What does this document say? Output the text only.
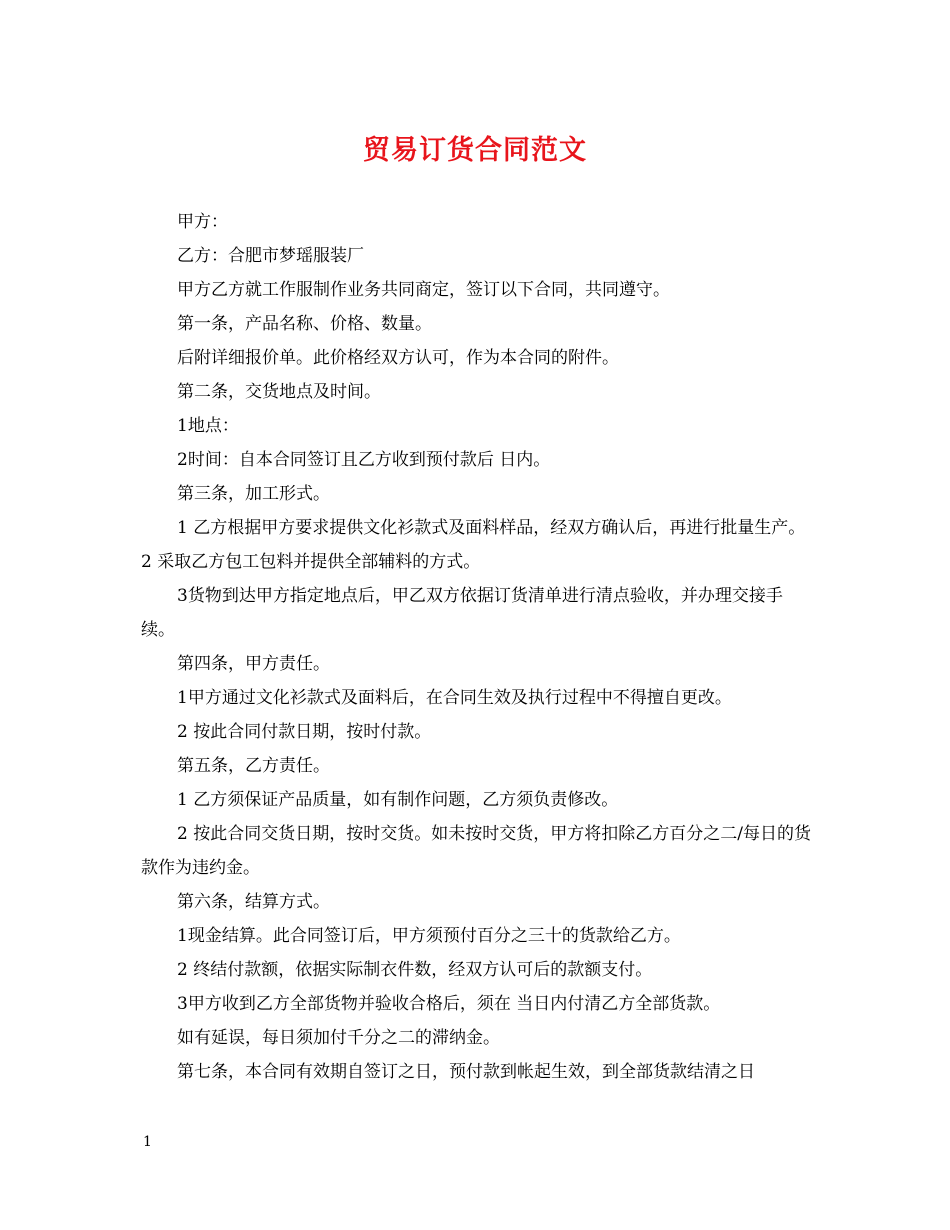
贸易订货合同范文

甲方：

乙方：合肥市梦瑶服装厂

甲方乙方就工作服制作业务共同商定，签订以下合同，共同遵守。

第一条，产品名称、价格、数量。

后附详细报价单。此价格经双方认可，作为本合同的附件。

第二条，交货地点及时间。

1地点：

2时间：自本合同签订且乙方收到预付款后 日内。

第三条，加工形式。

1 乙方根据甲方要求提供文化衫款式及面料样品，经双方确认后，再进行批量生产。 2 采取乙方包工包料并提供全部辅料的方式。

3货物到达甲方指定地点后，甲乙双方依据订货清单进行清点验收，并办理交接手续。

第四条，甲方责任。

1甲方通过文化衫款式及面料后，在合同生效及执行过程中不得擅自更改。

2 按此合同付款日期，按时付款。

第五条，乙方责任。

1 乙方须保证产品质量，如有制作问题，乙方须负责修改。

2 按此合同交货日期，按时交货。如未按时交货，甲方将扣除乙方百分之二/每日的货款作为违约金。

第六条，结算方式。

1现金结算。此合同签订后，甲方须预付百分之三十的货款给乙方。

2 终结付款额，依据实际制衣件数，经双方认可后的款额支付。

3甲方收到乙方全部货物并验收合格后，须在 当日内付清乙方全部货款。

如有延误，每日须加付千分之二的滞纳金。

第七条，本合同有效期自签订之日，预付款到帐起生效，到全部货款结清之日

1
